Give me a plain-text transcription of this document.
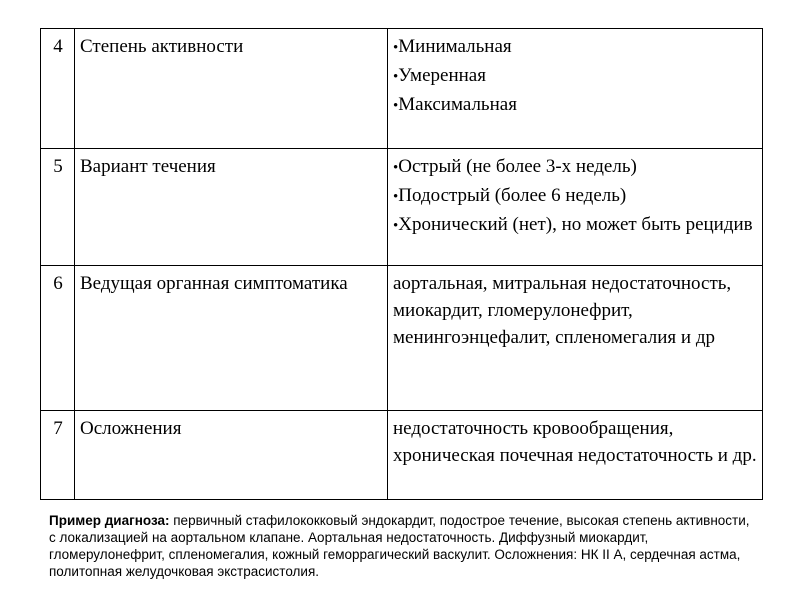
4	Степень активности	•Минимальная
•Умеренная
•Максимальная

5	Вариант течения	•Острый (не более 3-х недель)
•Подострый (более 6 недель)
•Хронический (нет), но может быть рецидив

6	Ведущая органная симптоматика	аортальная, митральная недостаточность, миокардит, гломерулонефрит, менингоэнцефалит, спленомегалия и др
7	Осложнения	недостаточность кровообращения, хроническая почечная недостаточность и др.
Пример диагноза: первичный стафилококковый эндокардит, подострое течение, высокая степень активности, с локализацией на аортальном клапане. Аортальная недостаточность. Диффузный миокардит, гломерулонефрит, спленомегалия, кожный геморрагический васкулит. Осложнения: НК II А, сердечная астма, политопная желудочковая экстрасистолия.
